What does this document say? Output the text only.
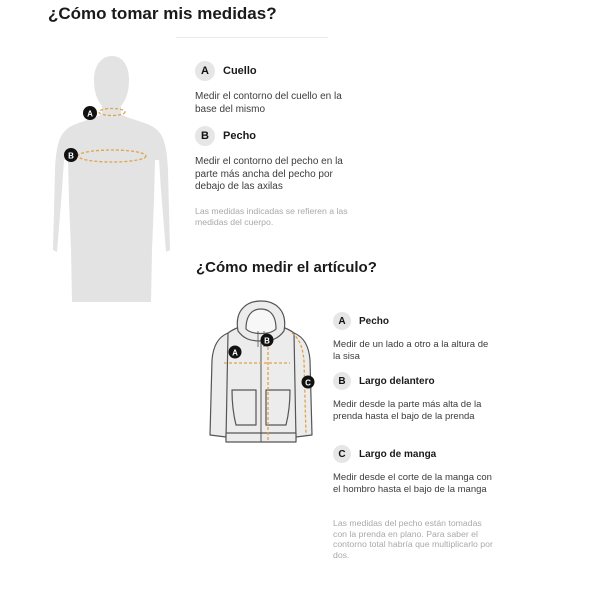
¿Cómo tomar mis medidas?
A
B
A	Cuello
Medir el contorno del cuello en la base del mismo
B	Pecho
Medir el contorno del pecho en la parte más ancha del pecho por debajo de las axilas
Las medidas indicadas se refieren a las medidas del cuerpo.
¿Cómo medir el artículo?
A
B
C
A	Pecho
Medir de un lado a otro a la altura de la sisa
B	Largo delantero
Medir desde la parte más alta de la prenda hasta el bajo de la prenda
C	Largo de manga
Medir desde el corte de la manga con el hombro hasta el bajo de la manga
Las medidas del pecho están tomadas con la prenda en plano. Para saber el contorno total habría que multiplicarlo por dos.
